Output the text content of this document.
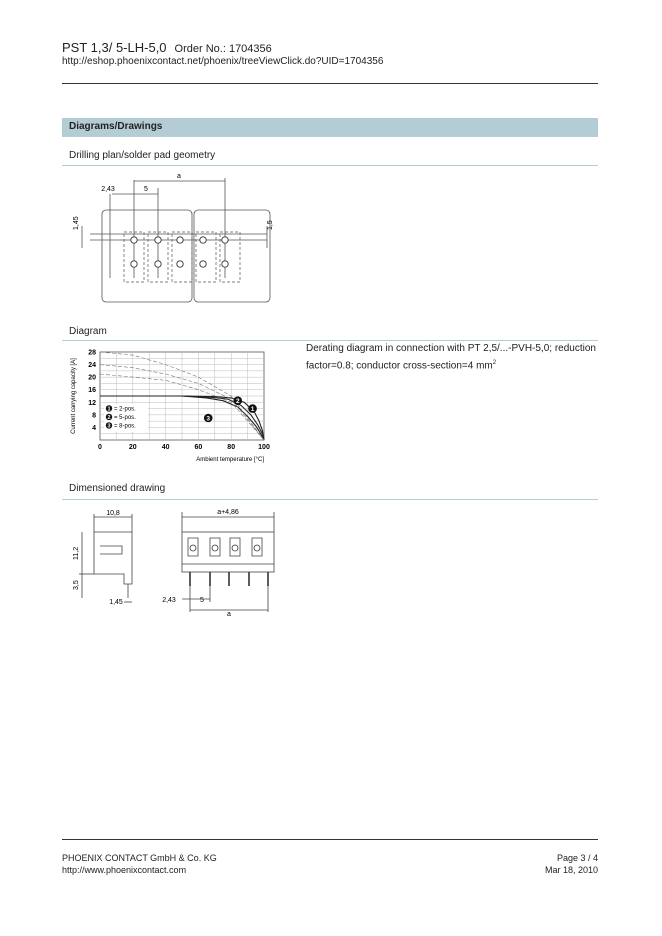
PST 1,3/ 5-LH-5,0 Order No.: 1704356
http://eshop.phoenixcontact.net/phoenix/treeViewClick.do?UID=1704356
Diagrams/Drawings
Drilling plan/solder pad geometry
a
2,43	5
1,45	1,5
Diagram
Derating diagram in connection with PT 2,5/...-PVH-5,0; reduction factor=0.8; conductor cross-section=4 $mm^2$
0	20	40	60	80	100
4
8
12
16
20
24
28
Ambient temperature [°C]
Current carrying capacity [A]	1
2
3
1 = 2-pos.
2 = 5-pos.
3 = 8-pos.
Dimensioned drawing
10,8
11,2
3,5
1,45
a+4,86
2,43	5
a
PHOENIX CONTACT GmbH & Co. KG
http://www.phoenixcontact.com
Page 3 / 4
Mar 18, 2010
